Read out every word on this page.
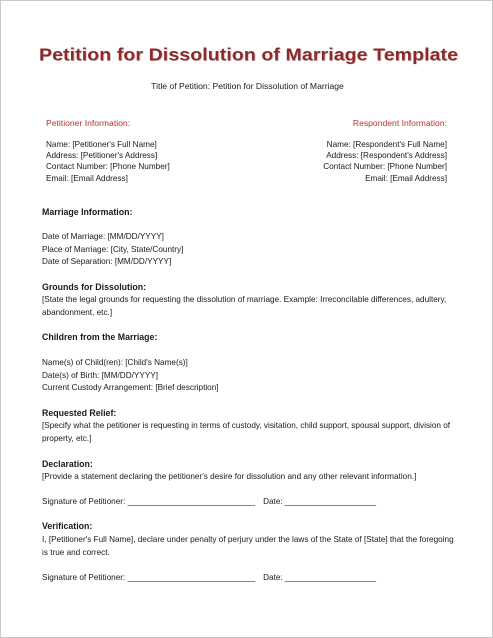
Petition for Dissolution of Marriage Template
Title of Petition: Petition for Dissolution of Marriage
Petitioner Information:	Respondent Information:
Name: [Petitioner's Full Name]
Address: [Petitioner's Address]
Contact Number: [Phone Number]
Email: [Email Address]
Name: [Respondent's Full Name]
Address: [Respondent's Address]
Contact Number: [Phone Number]
Email: [Email Address]
Marriage Information:
Date of Marriage: [MM/DD/YYYY]
Place of Marriage: [City, State/Country]
Date of Separation: [MM/DD/YYYY]
Grounds for Dissolution:
[State the legal grounds for requesting the dissolution of marriage. Example: Irreconcilable differences, adultery, abandonment, etc.]
Children from the Marriage:
Name(s) of Child(ren): [Child's Name(s)]
Date(s) of Birth: [MM/DD/YYYY]
Current Custody Arrangement: [Brief description]
Requested Relief:
[Specify what the petitioner is requesting in terms of custody, visitation, child support, spousal support, division of property, etc.]
Declaration:
[Provide a statement declaring the petitioner's desire for dissolution and any other relevant information.]
Signature of Petitioner: ____________________________ Date: ____________________
Verification:
I, [Petitioner's Full Name], declare under penalty of perjury under the laws of the State of [State] that the foregoing is true and correct.
Signature of Petitioner: ____________________________ Date: ____________________
